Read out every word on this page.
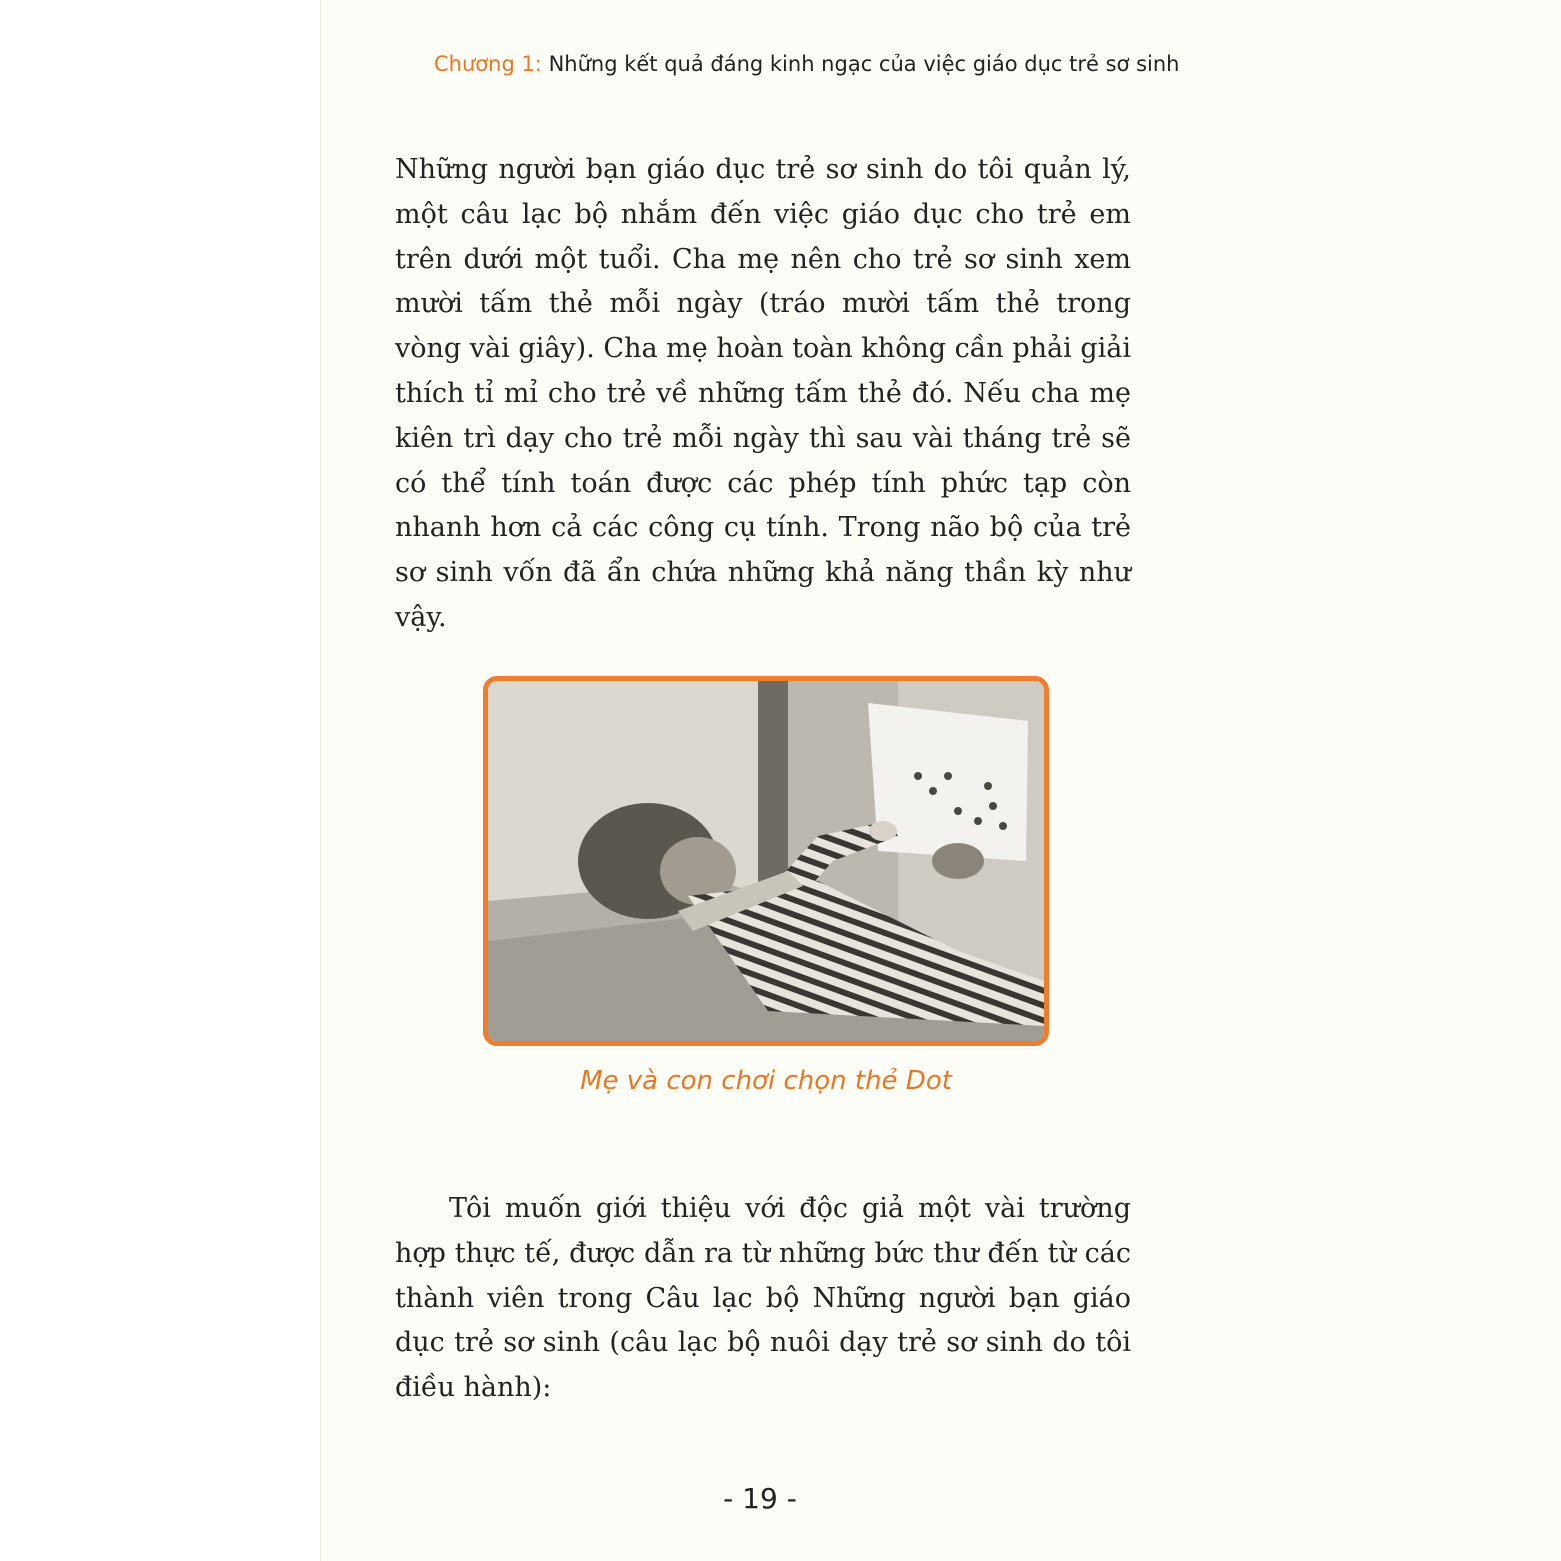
Chương 1: Những kết quả đáng kinh ngạc của việc giáo dục trẻ sơ sinh

Những người bạn giáo dục trẻ sơ sinh do tôi quản lý, một câu lạc bộ nhắm đến việc giáo dục cho trẻ em trên dưới một tuổi. Cha mẹ nên cho trẻ sơ sinh xem mười tấm thẻ mỗi ngày (tráo mười tấm thẻ trong vòng vài giây). Cha mẹ hoàn toàn không cần phải giải thích tỉ mỉ cho trẻ về những tấm thẻ đó. Nếu cha mẹ kiên trì dạy cho trẻ mỗi ngày thì sau vài tháng trẻ sẽ có thể tính toán được các phép tính phức tạp còn nhanh hơn cả các công cụ tính. Trong não bộ của trẻ sơ sinh vốn đã ẩn chứa những khả năng thần kỳ như vậy.

Mẹ và con chơi chọn thẻ Dot

Tôi muốn giới thiệu với độc giả một vài trường hợp thực tế, được dẫn ra từ những bức thư đến từ các thành viên trong Câu lạc bộ Những người bạn giáo dục trẻ sơ sinh (câu lạc bộ nuôi dạy trẻ sơ sinh do tôi điều hành):

- 19 -
